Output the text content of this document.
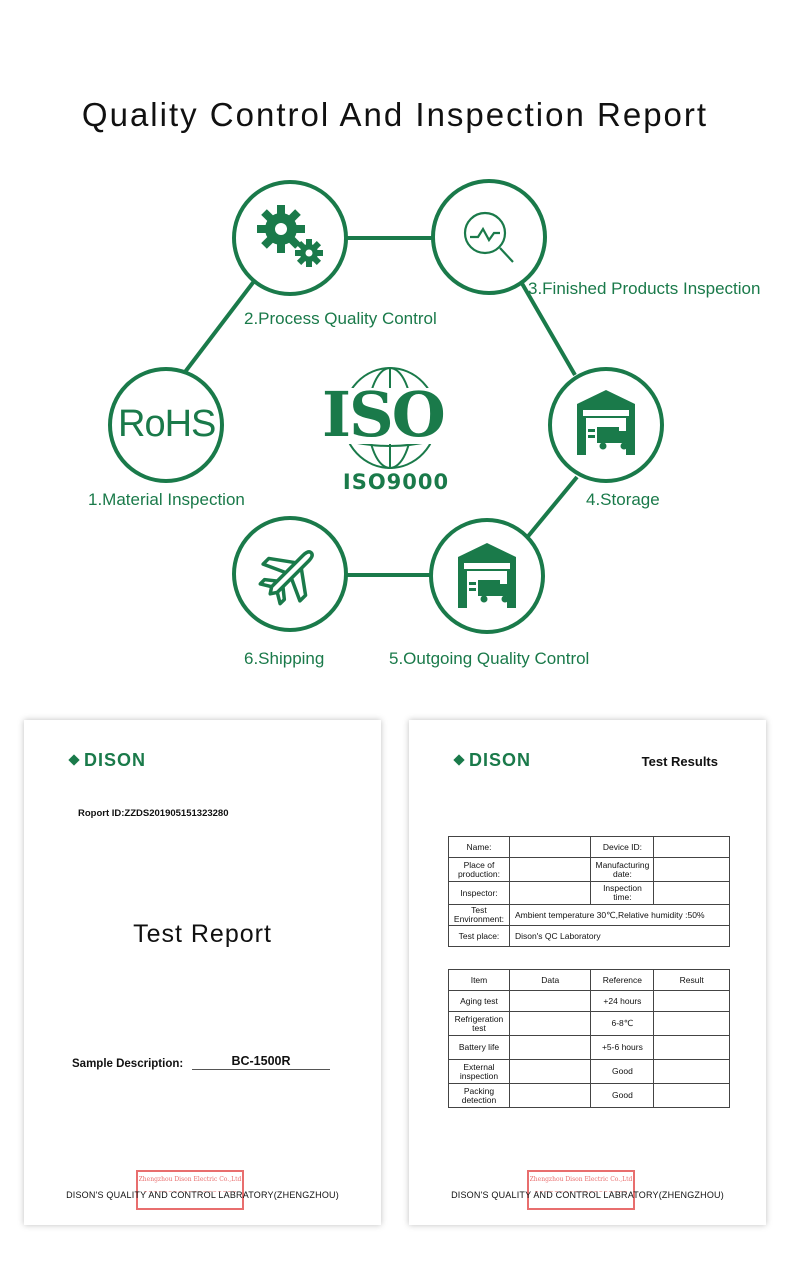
Quality Control And Inspection Report
ISO
ISO9000
RoHS
1.Material Inspection
2.Process Quality Control
3.Finished Products Inspection
4.Storage
5.Outgoing Quality Control
6.Shipping
DISON
Roport ID:ZZDS201905151323280
Test Report
Sample Description:	BC-1500R
Zhengzhou Dison Electric Co.,Ltd
DISON'S QUALITY AND CONTROL LABRATORY(ZHENGZHOU)
DISON	Test Results
Name:		Device ID:	
Place of production:		Manufacturing date:	
Inspector:		Inspection time:	
Test Environment:	Ambient temperature 30℃,Relative humidity :50%		
Test place:	Dison's QC Laboratory		
Item	Data	Reference	Result
Aging test		+24 hours	
Refrigeration test		6-8℃	
Battery life		+5-6 hours	
External inspection		Good	
Packing detection		Good	
Zhengzhou Dison Electric Co.,Ltd
DISON'S QUALITY AND CONTROL LABRATORY(ZHENGZHOU)
